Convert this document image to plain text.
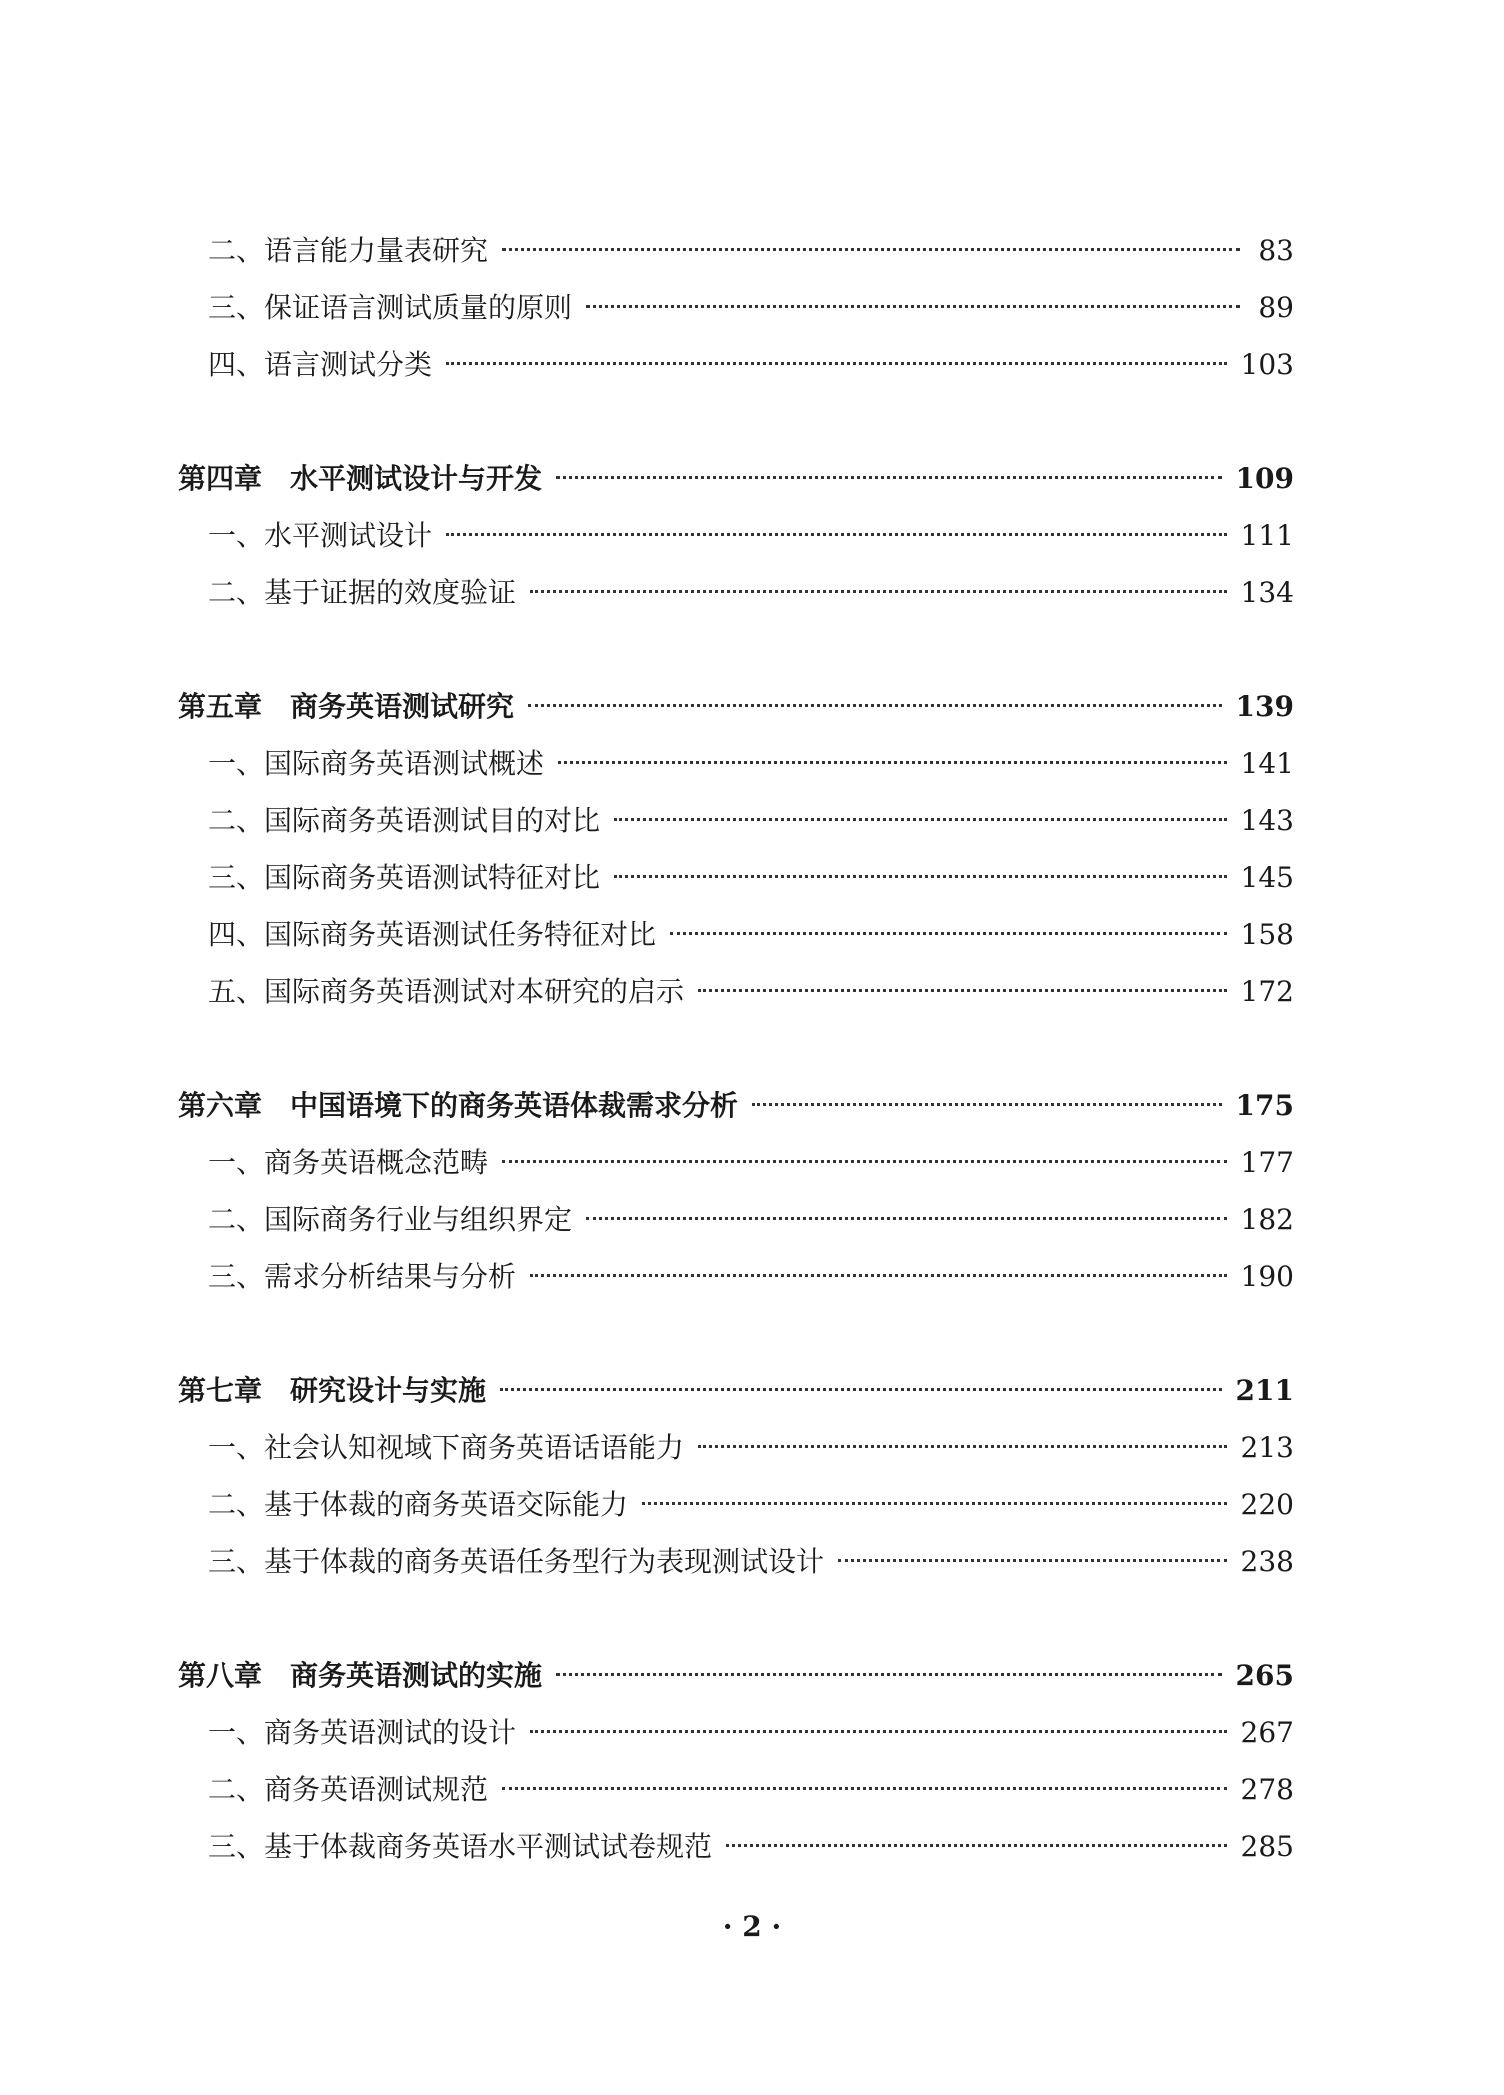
二、语言能力量表研究	83
三、保证语言测试质量的原则	89
四、语言测试分类	103
第四章 水平测试设计与开发	109
一、水平测试设计	111
二、基于证据的效度验证	134
第五章 商务英语测试研究	139
一、国际商务英语测试概述	141
二、国际商务英语测试目的对比	143
三、国际商务英语测试特征对比	145
四、国际商务英语测试任务特征对比	158
五、国际商务英语测试对本研究的启示	172
第六章 中国语境下的商务英语体裁需求分析	175
一、商务英语概念范畴	177
二、国际商务行业与组织界定	182
三、需求分析结果与分析	190
第七章 研究设计与实施	211
一、社会认知视域下商务英语话语能力	213
二、基于体裁的商务英语交际能力	220
三、基于体裁的商务英语任务型行为表现测试设计	238
第八章 商务英语测试的实施	265
一、商务英语测试的设计	267
二、商务英语测试规范	278
三、基于体裁商务英语水平测试试卷规范	285
· 2 ·
